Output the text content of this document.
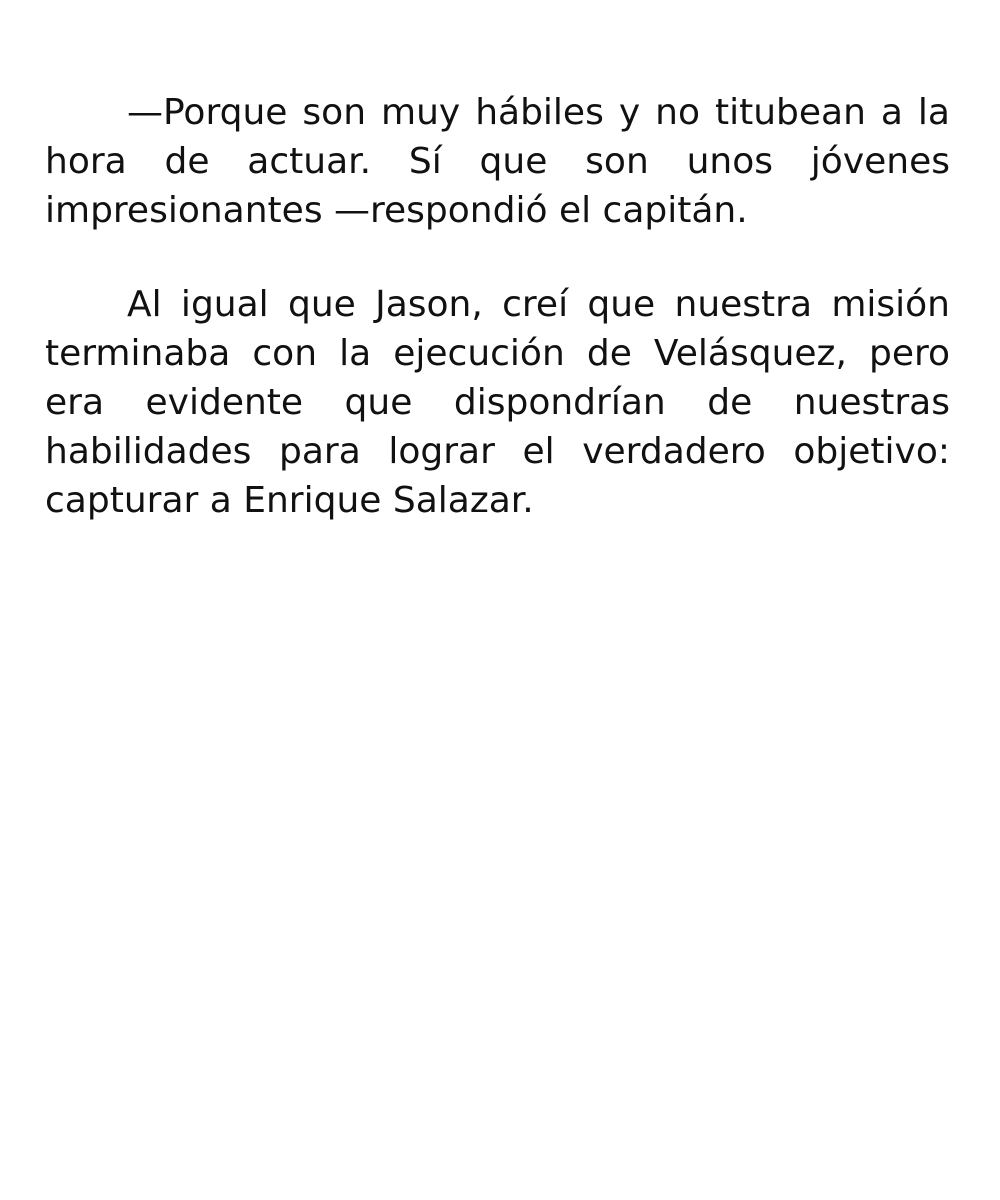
—Porque son muy hábiles y no titubean a la hora de actuar. Sí que son unos jóvenes impresionantes —respondió el capitán.

Al igual que Jason, creí que nuestra misión terminaba con la ejecución de Velásquez, pero era evidente que dispondrían de nuestras habilidades para lograr el verdadero objetivo: capturar a Enrique Salazar.
